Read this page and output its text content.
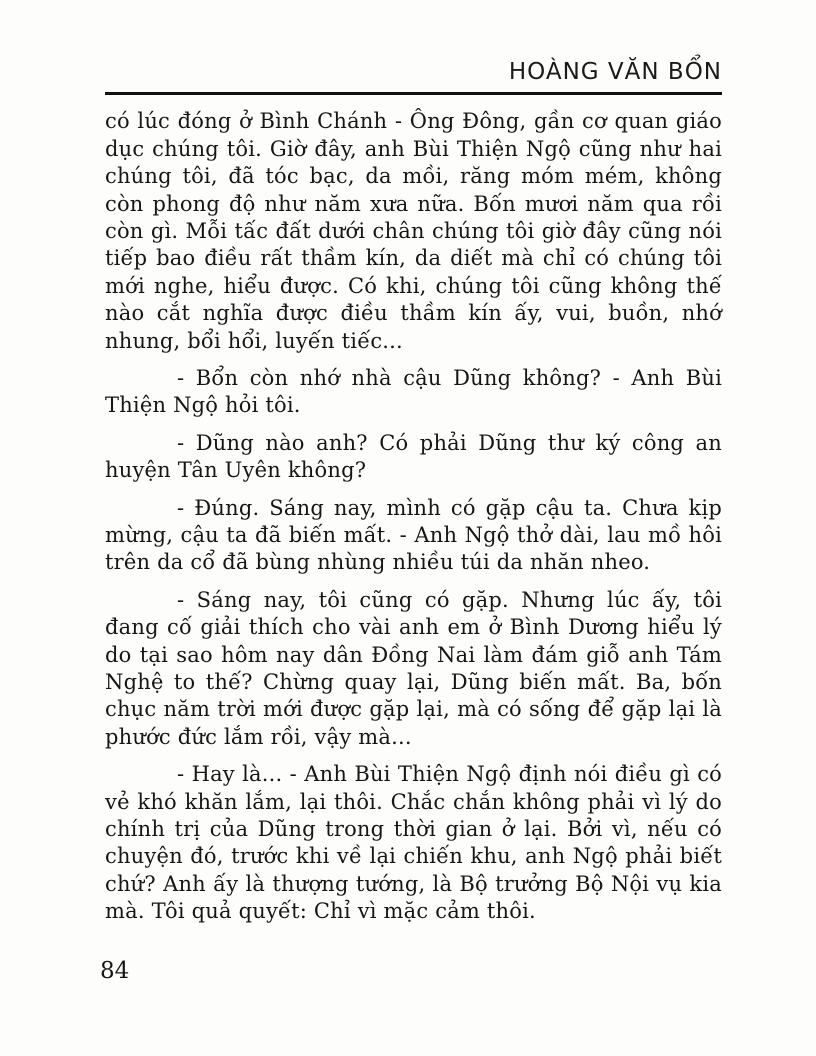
HOÀNG VĂN BỔN

có lúc đóng ở Bình Chánh - Ông Đông, gần cơ quan giáo dục chúng tôi. Giờ đây, anh Bùi Thiện Ngộ cũng như hai chúng tôi, đã tóc bạc, da mồi, răng móm mém, không còn phong độ như năm xưa nữa. Bốn mươi năm qua rồi còn gì. Mỗi tấc đất dưới chân chúng tôi giờ đây cũng nói tiếp bao điều rất thầm kín, da diết mà chỉ có chúng tôi mới nghe, hiểu được. Có khi, chúng tôi cũng không thế nào cắt nghĩa được điều thầm kín ấy, vui, buồn, nhớ nhung, bổi hổi, luyến tiếc...

- Bổn còn nhớ nhà cậu Dũng không? - Anh Bùi Thiện Ngộ hỏi tôi.

- Dũng nào anh? Có phải Dũng thư ký công an huyện Tân Uyên không?

- Đúng. Sáng nay, mình có gặp cậu ta. Chưa kịp mừng, cậu ta đã biến mất. - Anh Ngộ thở dài, lau mồ hôi trên da cổ đã bùng nhùng nhiều túi da nhăn nheo.

- Sáng nay, tôi cũng có gặp. Nhưng lúc ấy, tôi đang cố giải thích cho vài anh em ở Bình Dương hiểu lý do tại sao hôm nay dân Đồng Nai làm đám giỗ anh Tám Nghệ to thế? Chừng quay lại, Dũng biến mất. Ba, bốn chục năm trời mới được gặp lại, mà có sống để gặp lại là phước đức lắm rồi, vậy mà...

- Hay là... - Anh Bùi Thiện Ngộ định nói điều gì có vẻ khó khăn lắm, lại thôi. Chắc chắn không phải vì lý do chính trị của Dũng trong thời gian ở lại. Bởi vì, nếu có chuyện đó, trước khi về lại chiến khu, anh Ngộ phải biết chứ? Anh ấy là thượng tướng, là Bộ trưởng Bộ Nội vụ kia mà. Tôi quả quyết: Chỉ vì mặc cảm thôi.

84
